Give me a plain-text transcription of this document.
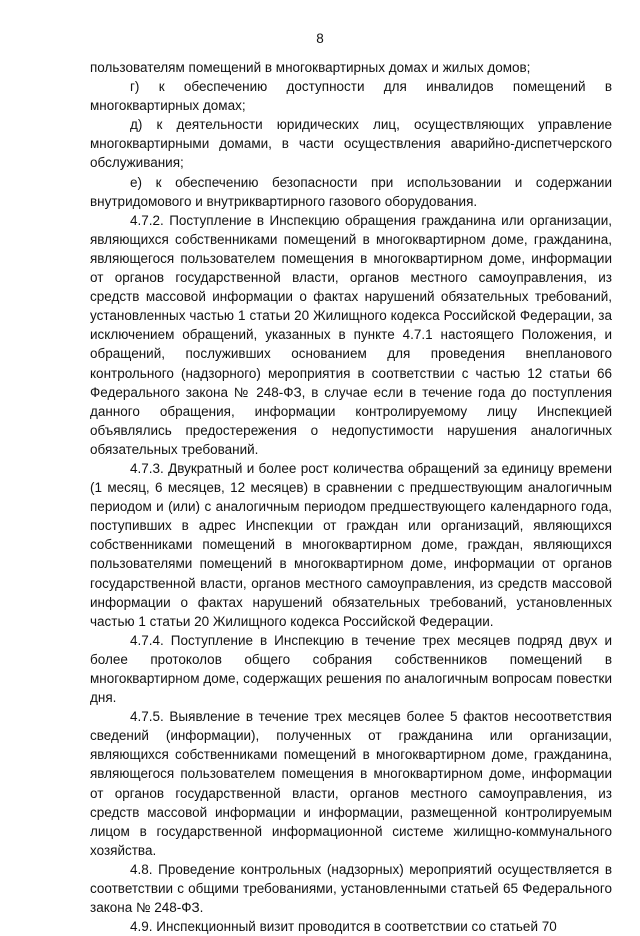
8

пользователям помещений в многоквартирных домах и жилых домов;

г) к обеспечению доступности для инвалидов помещений в многоквартирных домах;

д) к деятельности юридических лиц, осуществляющих управление многоквартирными домами, в части осуществления аварийно-диспетчерского обслуживания;

е) к обеспечению безопасности при использовании и содержании внутридомового и внутриквартирного газового оборудования.

4.7.2. Поступление в Инспекцию обращения гражданина или организации, являющихся собственниками помещений в многоквартирном доме, гражданина, являющегося пользователем помещения в многоквартирном доме, информации от органов государственной власти, органов местного самоуправления, из средств массовой информации о фактах нарушений обязательных требований, установленных частью 1 статьи 20 Жилищного кодекса Российской Федерации, за исключением обращений, указанных в пункте 4.7.1 настоящего Положения, и обращений, послуживших основанием для проведения внепланового контрольного (надзорного) мероприятия в соответствии с частью 12 статьи 66 Федерального закона № 248-ФЗ, в случае если в течение года до поступления данного обращения, информации контролируемому лицу Инспекцией объявлялись предостережения о недопустимости нарушения аналогичных обязательных требований.

4.7.3. Двукратный и более рост количества обращений за единицу времени (1 месяц, 6 месяцев, 12 месяцев) в сравнении с предшествующим аналогичным периодом и (или) с аналогичным периодом предшествующего календарного года, поступивших в адрес Инспекции от граждан или организаций, являющихся собственниками помещений в многоквартирном доме, граждан, являющихся пользователями помещений в многоквартирном доме, информации от органов государственной власти, органов местного самоуправления, из средств массовой информации о фактах нарушений обязательных требований, установленных частью 1 статьи 20 Жилищного кодекса Российской Федерации.

4.7.4. Поступление в Инспекцию в течение трех месяцев подряд двух и более протоколов общего собрания собственников помещений в многоквартирном доме, содержащих решения по аналогичным вопросам повестки дня.

4.7.5. Выявление в течение трех месяцев более 5 фактов несоответствия сведений (информации), полученных от гражданина или организации, являющихся собственниками помещений в многоквартирном доме, гражданина, являющегося пользователем помещения в многоквартирном доме, информации от органов государственной власти, органов местного самоуправления, из средств массовой информации и информации, размещенной контролируемым лицом в государственной информационной системе жилищно-коммунального хозяйства.

4.8. Проведение контрольных (надзорных) мероприятий осуществляется в соответствии с общими требованиями, установленными статьей 65 Федерального закона № 248-ФЗ.

4.9. Инспекционный визит проводится в соответствии со статьей 70
